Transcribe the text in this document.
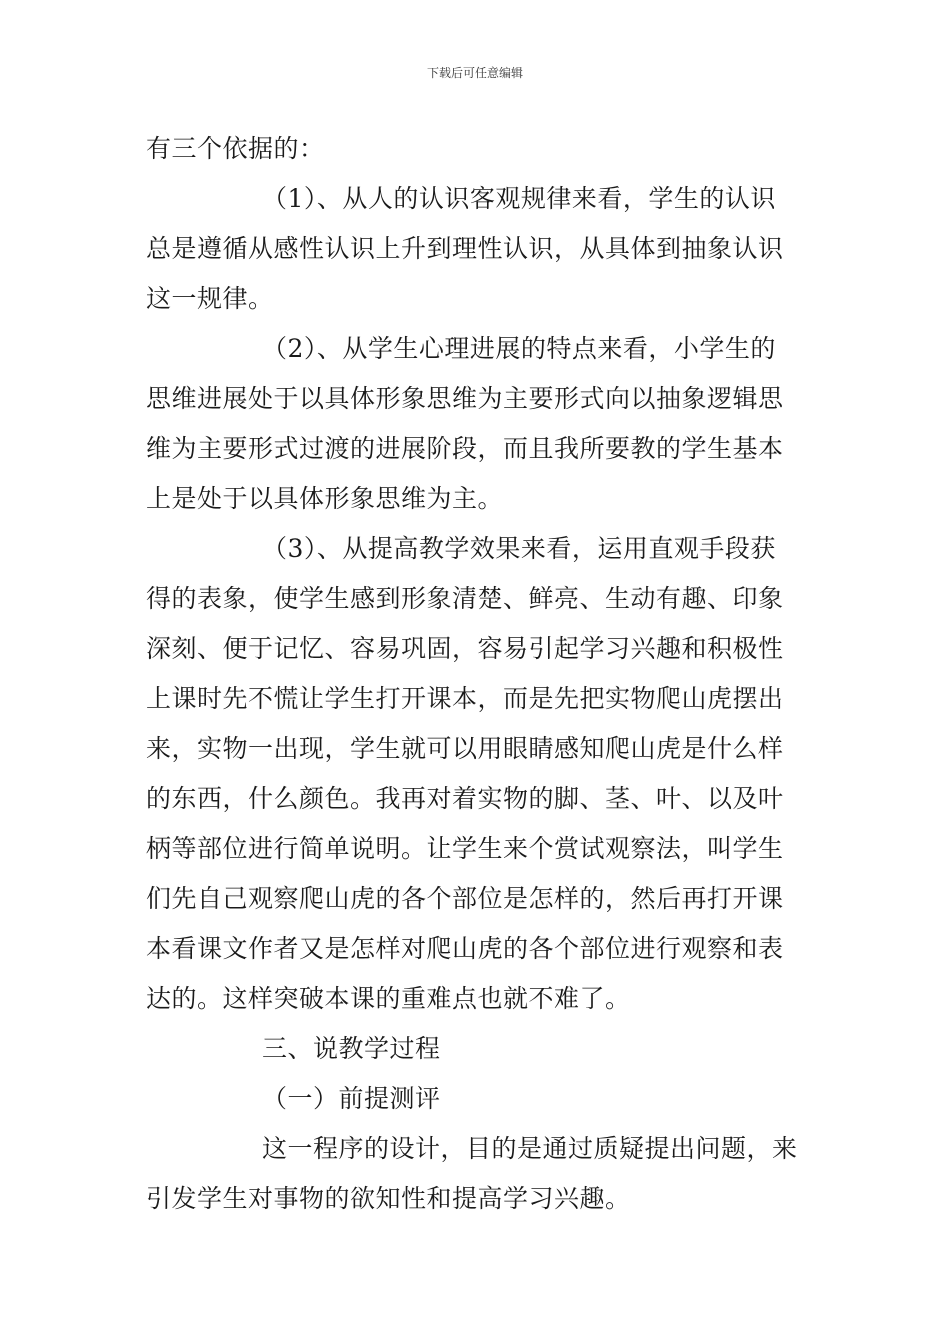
下载后可任意编辑
有三个依据的：
（1）、从人的认识客观规律来看，学生的认识
总是遵循从感性认识上升到理性认识，从具体到抽象认识
这一规律。
（2）、从学生心理进展的特点来看，小学生的
思维进展处于以具体形象思维为主要形式向以抽象逻辑思
维为主要形式过渡的进展阶段，而且我所要教的学生基本
上是处于以具体形象思维为主。
（3）、从提高教学效果来看，运用直观手段获
得的表象，使学生感到形象清楚、鲜亮、生动有趣、印象
深刻、便于记忆、容易巩固，容易引起学习兴趣和积极性
上课时先不慌让学生打开课本，而是先把实物爬山虎摆出
来，实物一出现，学生就可以用眼睛感知爬山虎是什么样
的东西，什么颜色。我再对着实物的脚、茎、叶、以及叶
柄等部位进行简单说明。让学生来个赏试观察法，叫学生
们先自己观察爬山虎的各个部位是怎样的，然后再打开课
本看课文作者又是怎样对爬山虎的各个部位进行观察和表
达的。这样突破本课的重难点也就不难了。
三、说教学过程
（一）前提测评
这一程序的设计，目的是通过质疑提出问题，来
引发学生对事物的欲知性和提高学习兴趣。
